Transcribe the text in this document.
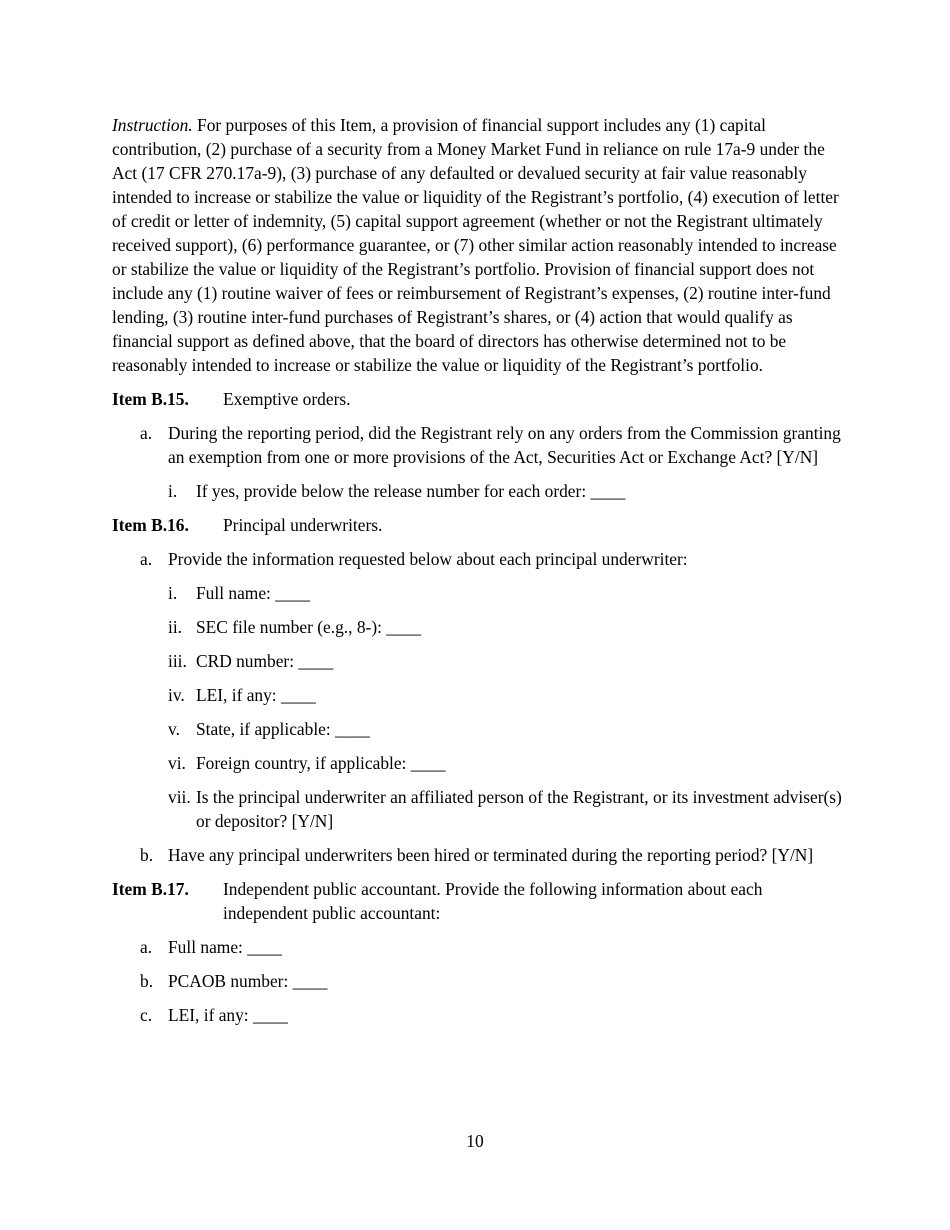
Instruction. For purposes of this Item, a provision of financial support includes any (1) capital contribution, (2) purchase of a security from a Money Market Fund in reliance on rule 17a-9 under the Act (17 CFR 270.17a-9), (3) purchase of any defaulted or devalued security at fair value reasonably intended to increase or stabilize the value or liquidity of the Registrant’s portfolio, (4) execution of letter of credit or letter of indemnity, (5) capital support agreement (whether or not the Registrant ultimately received support), (6) performance guarantee, or (7) other similar action reasonably intended to increase or stabilize the value or liquidity of the Registrant’s portfolio. Provision of financial support does not include any (1) routine waiver of fees or reimbursement of Registrant’s expenses, (2) routine inter-fund lending, (3) routine inter-fund purchases of Registrant’s shares, or (4) action that would qualify as financial support as defined above, that the board of directors has otherwise determined not to be reasonably intended to increase or stabilize the value or liquidity of the Registrant’s portfolio.

Item B.15.	Exemptive orders.
a. During the reporting period, did the Registrant rely on any orders from the Commission granting an exemption from one or more provisions of the Act, Securities Act or Exchange Act? [Y/N]
i.	If yes, provide below the release number for each order: ____
Item B.16.	Principal underwriters.
a. Provide the information requested below about each principal underwriter:
i.	Full name: ____
ii. SEC file number (e.g., 8-): ____
iii. CRD number: ____
iv. LEI, if any: ____
v. State, if applicable: ____
vi. Foreign country, if applicable: ____
vii. Is the principal underwriter an affiliated person of the Registrant, or its investment adviser(s) or depositor? [Y/N]
b. Have any principal underwriters been hired or terminated during the reporting period? [Y/N]
Item B.17.	Independent public accountant. Provide the following information about each independent public accountant:
a. Full name: ____
b. PCAOB number: ____
c. LEI, if any: ____
10
